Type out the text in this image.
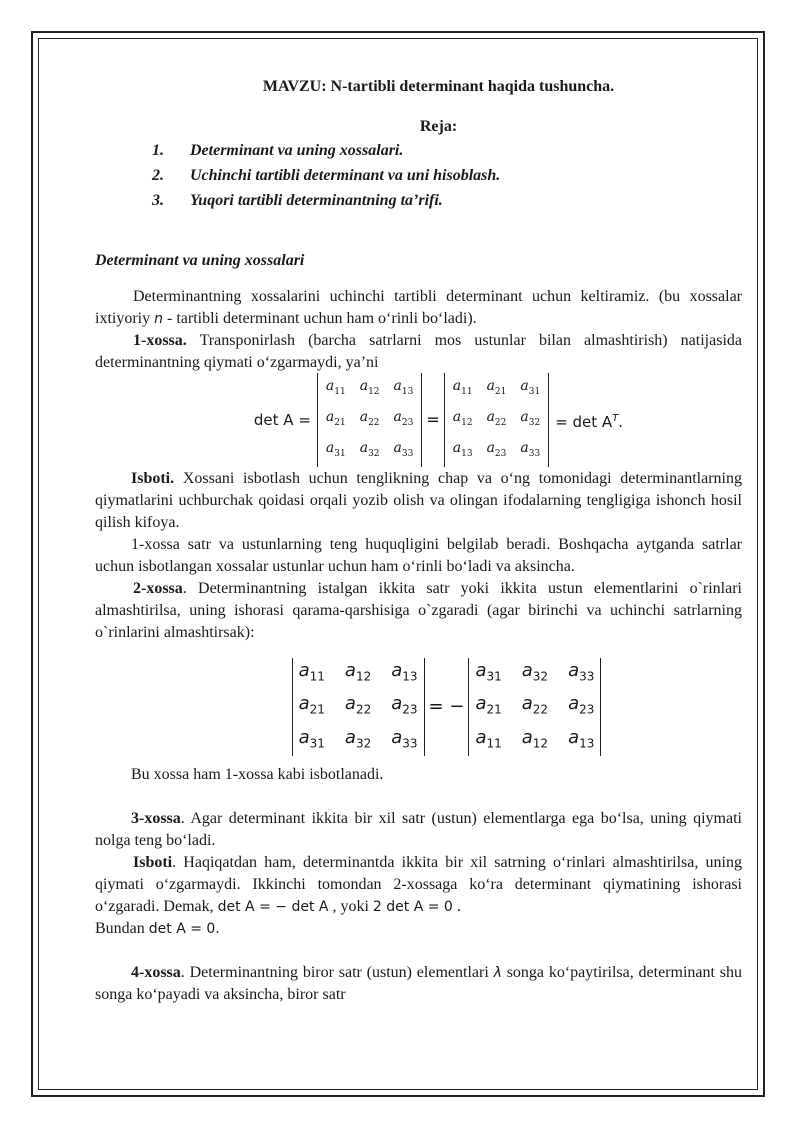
MAVZU: N-tartibli determinant haqida tushuncha.
Reja:
1. Determinant va uning xossalari.
2. Uchinchi tartibli determinant va uni hisoblash.
3. Yuqori tartibli determinantning ta’rifi.
Determinant va uning xossalari

Determinantning xossalarini uchinchi tartibli determinant uchun keltiramiz. (bu xossalar ixtiyoriy n - tartibli determinant uchun ham o‘rinli bo‘ladi).

1-xossa. Transponirlash (barcha satrlarni mos ustunlar bilan almashtirish) natijasida determinantning qiymati o‘zgarmaydi, ya’ni

det A =
$a_{11}$ $a_{12}$ $a_{13}$
$a_{21}$ $a_{22}$ $a_{23}$
$a_{31}$ $a_{32}$ $a_{33}$
=
$a_{11}$ $a_{21}$ $a_{31}$
$a_{12}$ $a_{22}$ $a_{32}$
$a_{13}$ $a_{23}$ $a_{33}$
= $\det A^T$.

Isboti. Xossani isbotlash uchun tenglikning chap va o‘ng tomonidagi determinantlarning qiymatlarini uchburchak qoidasi orqali yozib olish va olingan ifodalarning tengligiga ishonch hosil qilish kifoya.

1-xossa satr va ustunlarning teng huquqligini belgilab beradi. Boshqacha aytganda satrlar uchun isbotlangan xossalar ustunlar uchun ham o‘rinli bo‘ladi va aksincha.

2-xossa. Determinantning istalgan ikkita satr yoki ikkita ustun elementlarini o`rinlari almashtirilsa, uning ishorasi qarama-qarshisiga o`zgaradi (agar birinchi va uchinchi satrlarning o`rinlarini almashtirsak):

$a_{11}$ $a_{12}$ $a_{13}$
$a_{21}$ $a_{22}$ $a_{23}$
$a_{31}$ $a_{32}$ $a_{33}$
= −
$a_{31}$ $a_{32}$ $a_{33}$
$a_{21}$ $a_{22}$ $a_{23}$
$a_{11}$ $a_{12}$ $a_{13}$

Bu xossa ham 1-xossa kabi isbotlanadi.

3-xossa. Agar determinant ikkita bir xil satr (ustun) elementlarga ega bo‘lsa, uning qiymati nolga teng bo‘ladi.

Isboti. Haqiqatdan ham, determinantda ikkita bir xil satrning o‘rinlari almashtirilsa, uning qiymati o‘zgarmaydi. Ikkinchi tomondan 2-xossaga ko‘ra determinant qiymatining ishorasi o‘zgaradi. Demak, det A = − det A , yoki 2 det A = 0 .
Bundan det A = 0.

4-xossa. Determinantning biror satr (ustun) elementlari λ songa ko‘paytirilsa, determinant shu songa ko‘payadi va aksincha, biror satr
